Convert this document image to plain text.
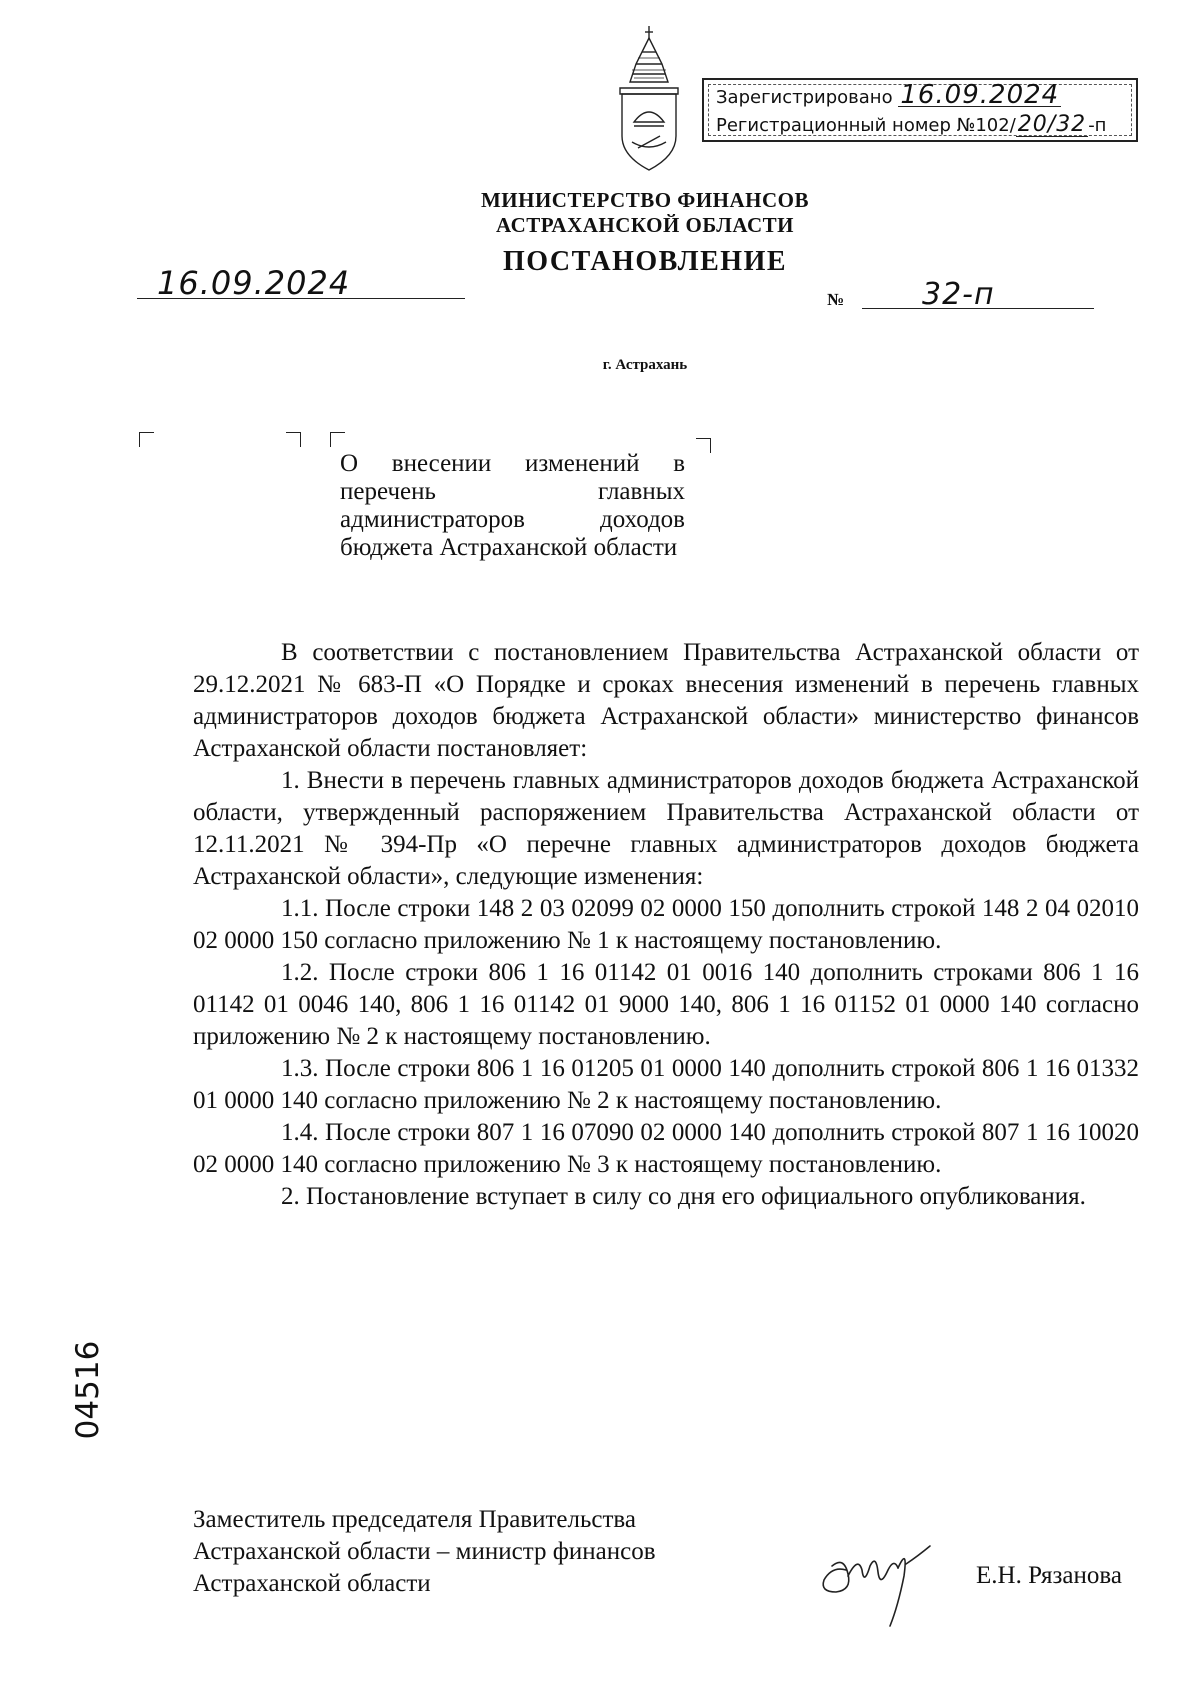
Зарегистрировано 16.09.2024
Регистрационный номер №102/20/32 -п
МИНИСТЕРСТВО ФИНАНСОВ
АСТРАХАНСКОЙ ОБЛАСТИ
ПОСТАНОВЛЕНИЕ
16.09.2024	№	32-п
г. Астрахань
О внесении изменений в перечень главных администраторов доходов бюджета Астраханской области

В соответствии с постановлением Правительства Астраханской области от 29.12.2021 № 683-П «О Порядке и сроках внесения изменений в перечень главных администраторов доходов бюджета Астраханской области» министерство финансов Астраханской области постановляет:

1. Внести в перечень главных администраторов доходов бюджета Астраханской области, утвержденный распоряжением Правительства Астраханской области от 12.11.2021 № 394-Пр «О перечне главных администраторов доходов бюджета Астраханской области», следующие изменения:

1.1. После строки 148 2 03 02099 02 0000 150 дополнить строкой 148 2 04 02010 02 0000 150 согласно приложению № 1 к настоящему постановлению.

1.2. После строки 806 1 16 01142 01 0016 140 дополнить строками 806 1 16 01142 01 0046 140, 806 1 16 01142 01 9000 140, 806 1 16 01152 01 0000 140 согласно приложению № 2 к настоящему постановлению.

1.3. После строки 806 1 16 01205 01 0000 140 дополнить строкой 806 1 16 01332 01 0000 140 согласно приложению № 2 к настоящему постановлению.

1.4. После строки 807 1 16 07090 02 0000 140 дополнить строкой 807 1 16 10020 02 0000 140 согласно приложению № 3 к настоящему постановлению.

2. Постановление вступает в силу со дня его официального опубликования.

Заместитель председателя Правительства
Астраханской области – министр финансов
Астраханской области	Е.Н. Рязанова
04516
